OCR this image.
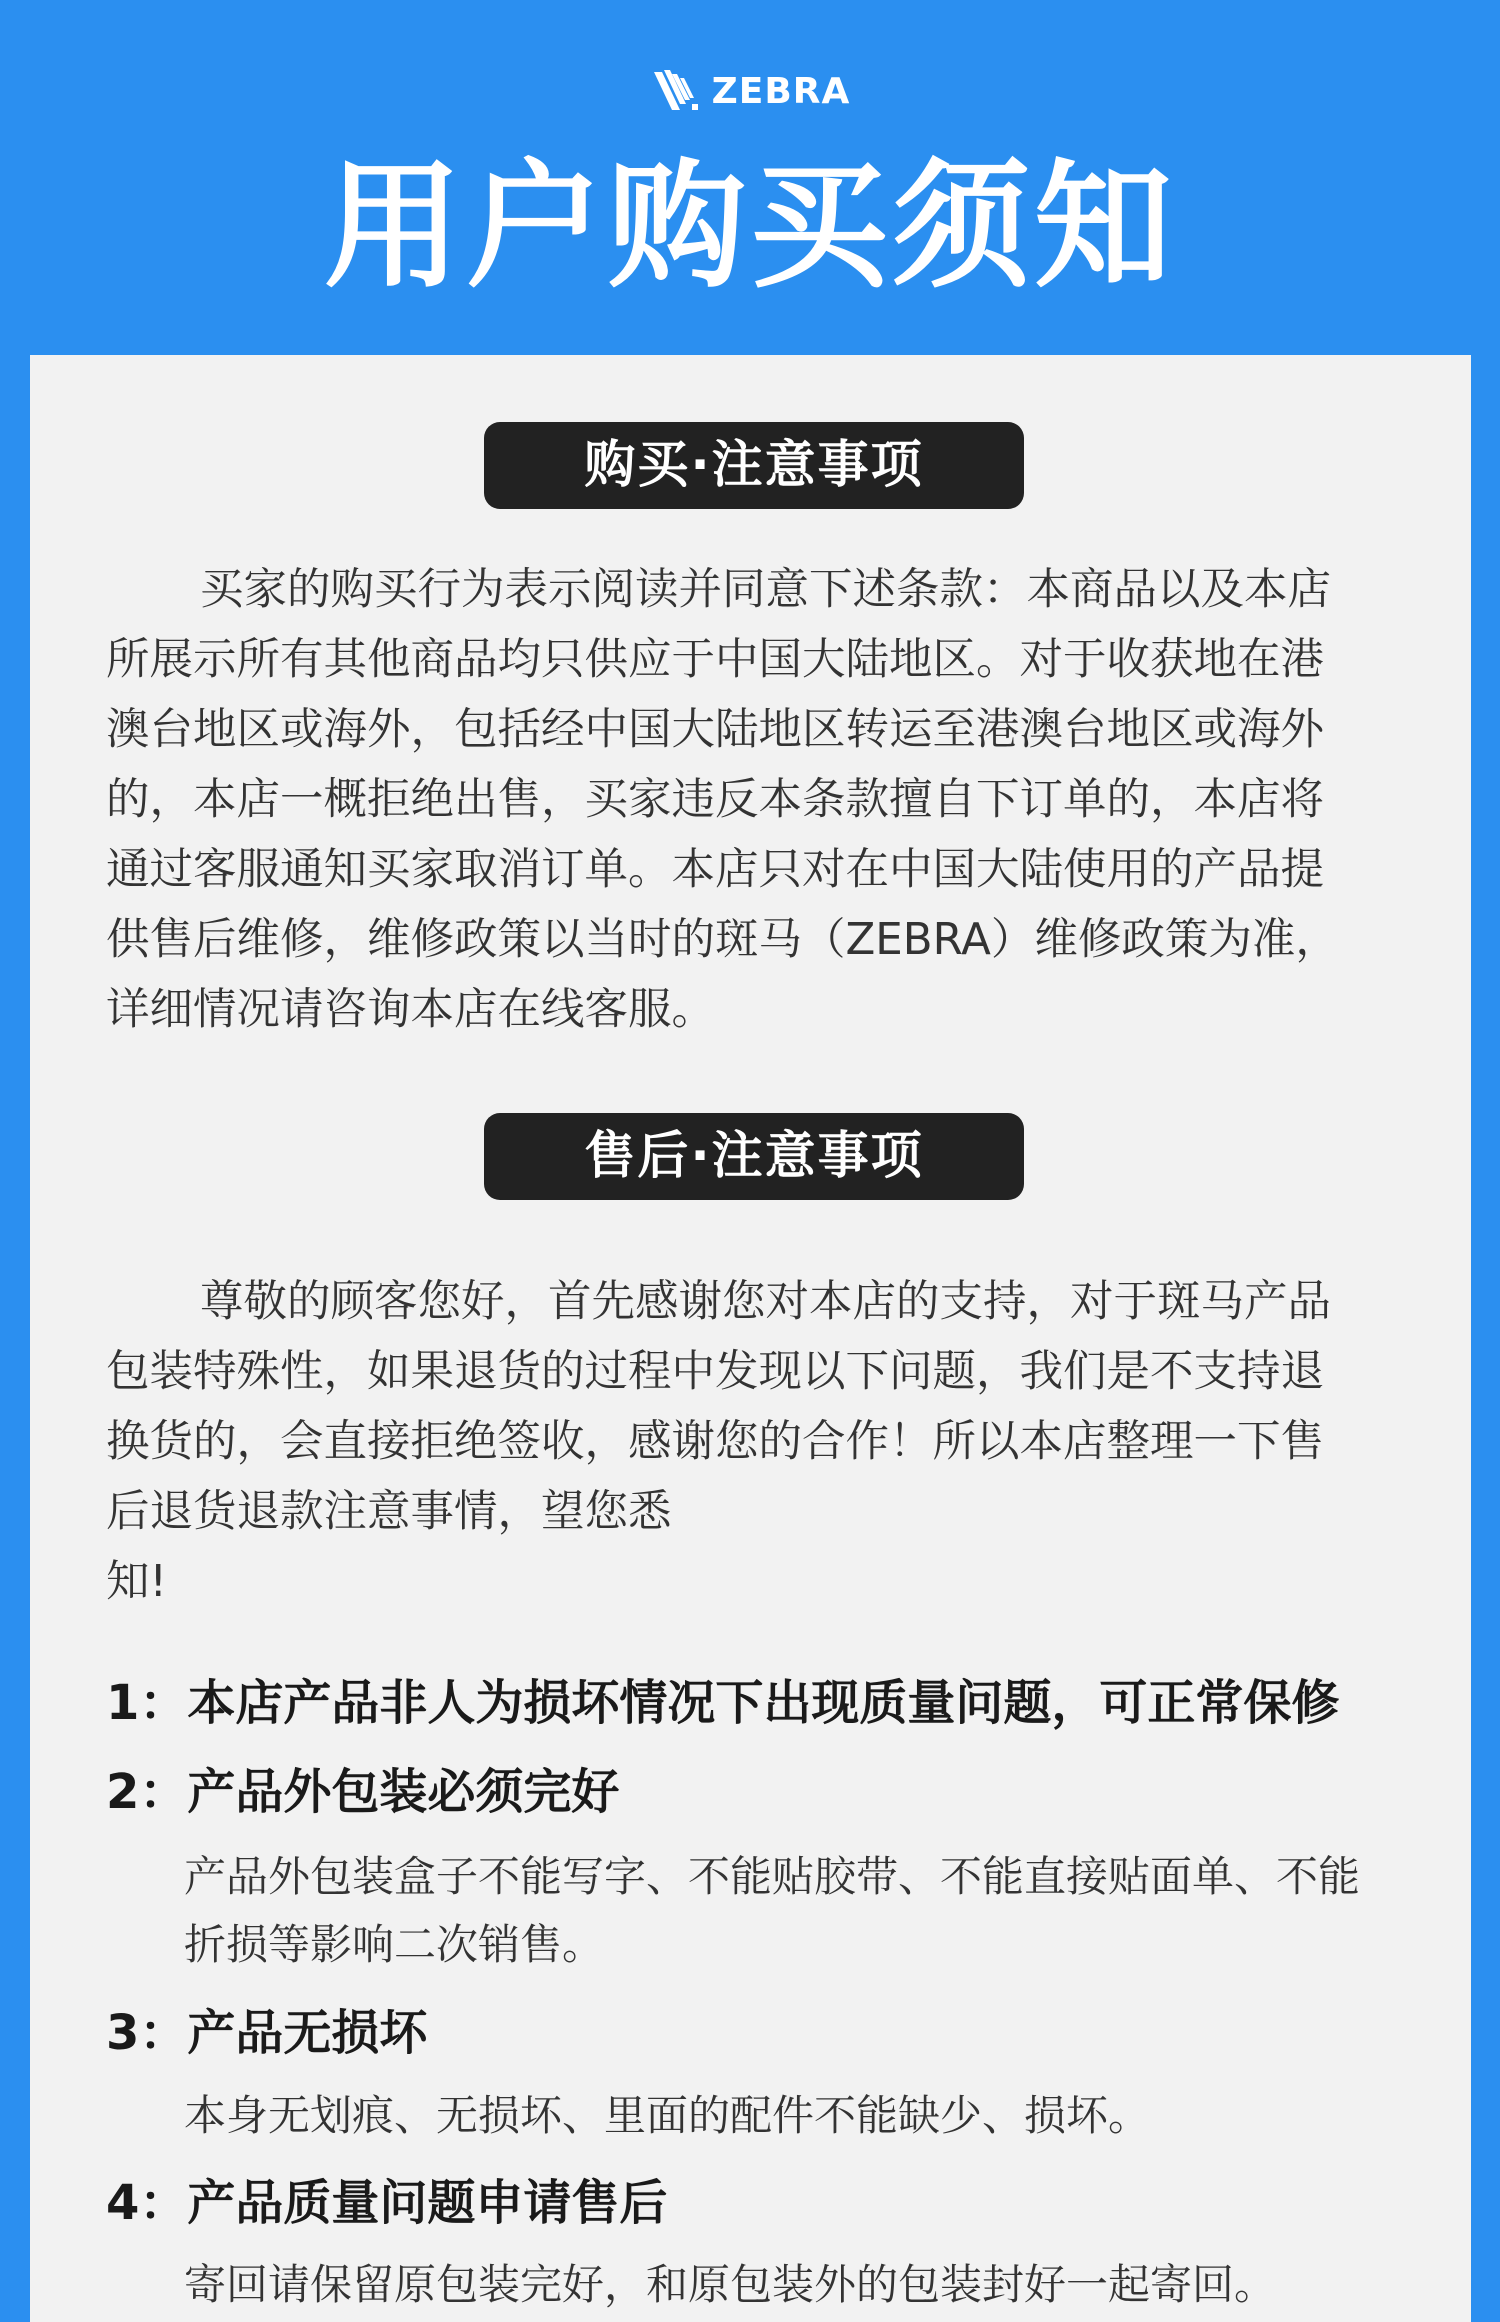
ZEBRA
用户购买须知
购买·注意事项
买家的购买行为表示阅读并同意下述条款：本商品以及本店
所展示所有其他商品均只供应于中国大陆地区。对于收获地在港
澳台地区或海外，包括经中国大陆地区转运至港澳台地区或海外
的，本店一概拒绝出售，买家违反本条款擅自下订单的，本店将
通过客服通知买家取消订单。本店只对在中国大陆使用的产品提
供售后维修，维修政策以当时的斑马（ZEBRA）维修政策为准，
详细情况请咨询本店在线客服。
售后·注意事项
尊敬的顾客您好，首先感谢您对本店的支持，对于斑马产品
包装特殊性，如果退货的过程中发现以下问题，我们是不支持退
换货的，会直接拒绝签收，感谢您的合作！所以本店整理一下售
后退货退款注意事情，望您悉
知!
1：本店产品非人为损坏情况下出现质量问题，可正常保修
2：产品外包装必须完好
产品外包装盒子不能写字、不能贴胶带、不能直接贴面单、不能
折损等影响二次销售。
3：产品无损坏
本身无划痕、无损坏、里面的配件不能缺少、损坏。
4：产品质量问题申请售后
寄回请保留原包装完好，和原包装外的包装封好一起寄回。
